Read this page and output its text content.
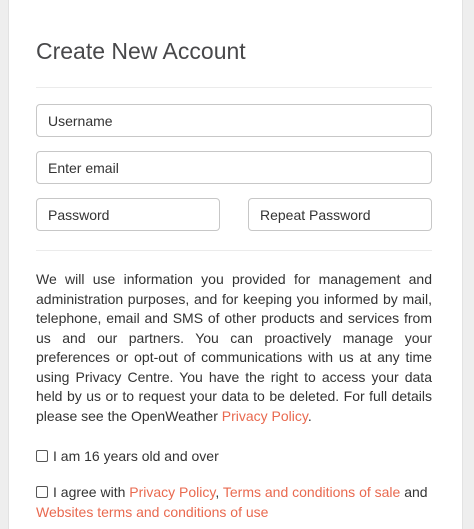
Create New Account
Username
Enter email

We will use information you provided for management and administration purposes, and for keeping you informed by mail, telephone, email and SMS of other products and services from us and our partners. You can proactively manage your preferences or opt-out of communications with us at any time using Privacy Centre. You have the right to access your data held by us or to request your data to be deleted. For full details please see the OpenWeather Privacy Policy.

I am 16 years old and over
I agree with Privacy Policy, Terms and conditions of sale and Websites terms and conditions of use
